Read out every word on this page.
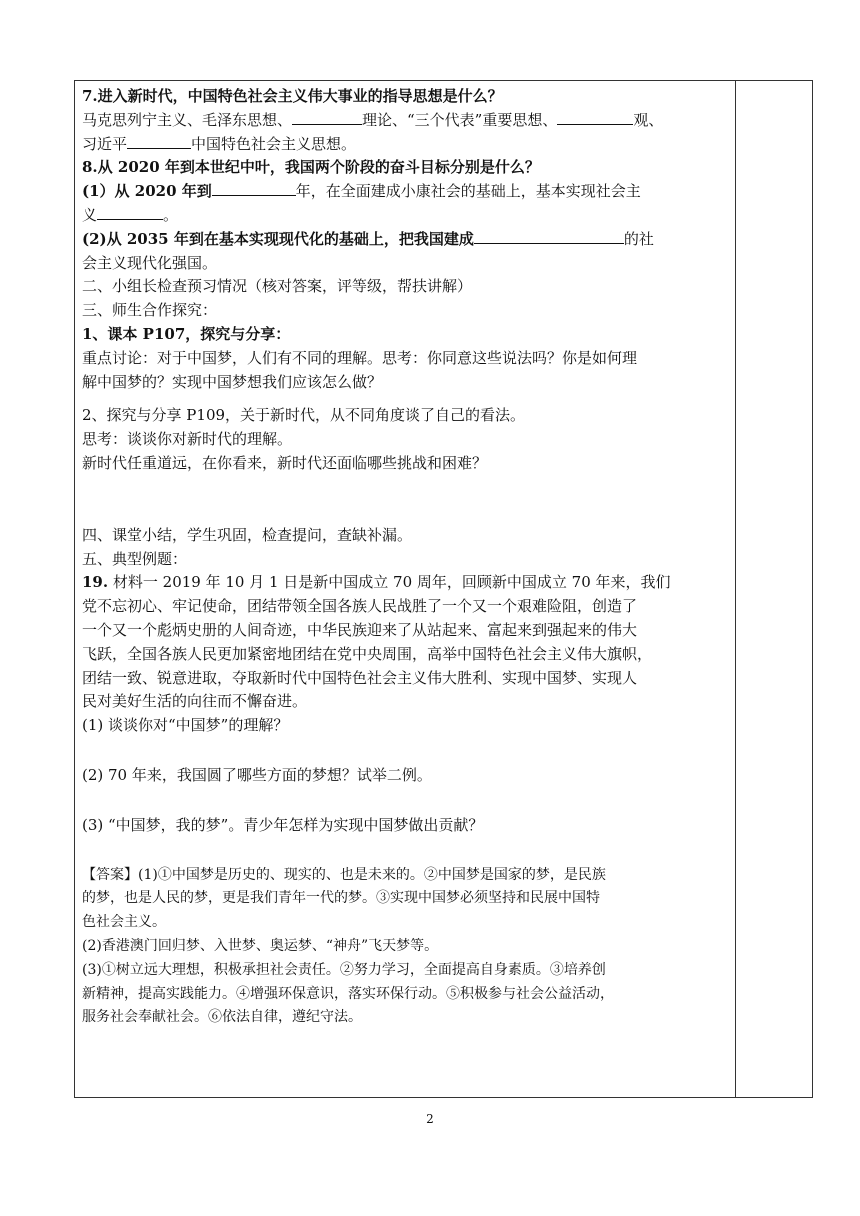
7.进入新时代，中国特色社会主义伟大事业的指导思想是什么？
马克思列宁主义、毛泽东思想、	理论、“三个代表”重要思想、	观、
习近平	中国特色社会主义思想。
8.从 2020 年到本世纪中叶，我国两个阶段的奋斗目标分别是什么？
(1）从 2020 年到	年，在全面建成小康社会的基础上，基本实现社会主
义	。
(2)从 2035 年到在基本实现现代化的基础上，把我国建成	的社
会主义现代化强国。
二、小组长检查预习情况（核对答案，评等级，帮扶讲解）
三、师生合作探究：
1、课本 P107，探究与分享：
重点讨论：对于中国梦，人们有不同的理解。思考：你同意这些说法吗？你是如何理
解中国梦的？实现中国梦想我们应该怎么做？
2、探究与分享 P109，关于新时代，从不同角度谈了自己的看法。
思考：谈谈你对新时代的理解。
新时代任重道远，在你看来，新时代还面临哪些挑战和困难？
四、课堂小结，学生巩固，检查提问，查缺补漏。
五、典型例题：
19. 材料一 2019 年 10 月 1 日是新中国成立 70 周年，回顾新中国成立 70 年来，我们
党不忘初心、牢记使命，团结带领全国各族人民战胜了一个又一个艰难险阻，创造了
一个又一个彪炳史册的人间奇迹，中华民族迎来了从站起来、富起来到强起来的伟大
飞跃，全国各族人民更加紧密地团结在党中央周围，高举中国特色社会主义伟大旗帜，
团结一致、锐意进取，夺取新时代中国特色社会主义伟大胜利、实现中国梦、实现人
民对美好生活的向往而不懈奋进。
(1) 谈谈你对“中国梦”的理解？
(2) 70 年来，我国圆了哪些方面的梦想？试举二例。
(3) “中国梦，我的梦”。青少年怎样为实现中国梦做出贡献？
【答案】(1)①中国梦是历史的、现实的、也是未来的。②中国梦是国家的梦，是民族
的梦，也是人民的梦，更是我们青年一代的梦。③实现中国梦必须坚持和民展中国特
色社会主义。
(2)香港澳门回归梦、入世梦、奥运梦、“神舟”飞天梦等。
(3)①树立远大理想，积极承担社会责任。②努力学习，全面提高自身素质。③培养创
新精神，提高实践能力。④增强环保意识，落实环保行动。⑤积极参与社会公益活动，
服务社会奉献社会。⑥依法自律，遵纪守法。
2
